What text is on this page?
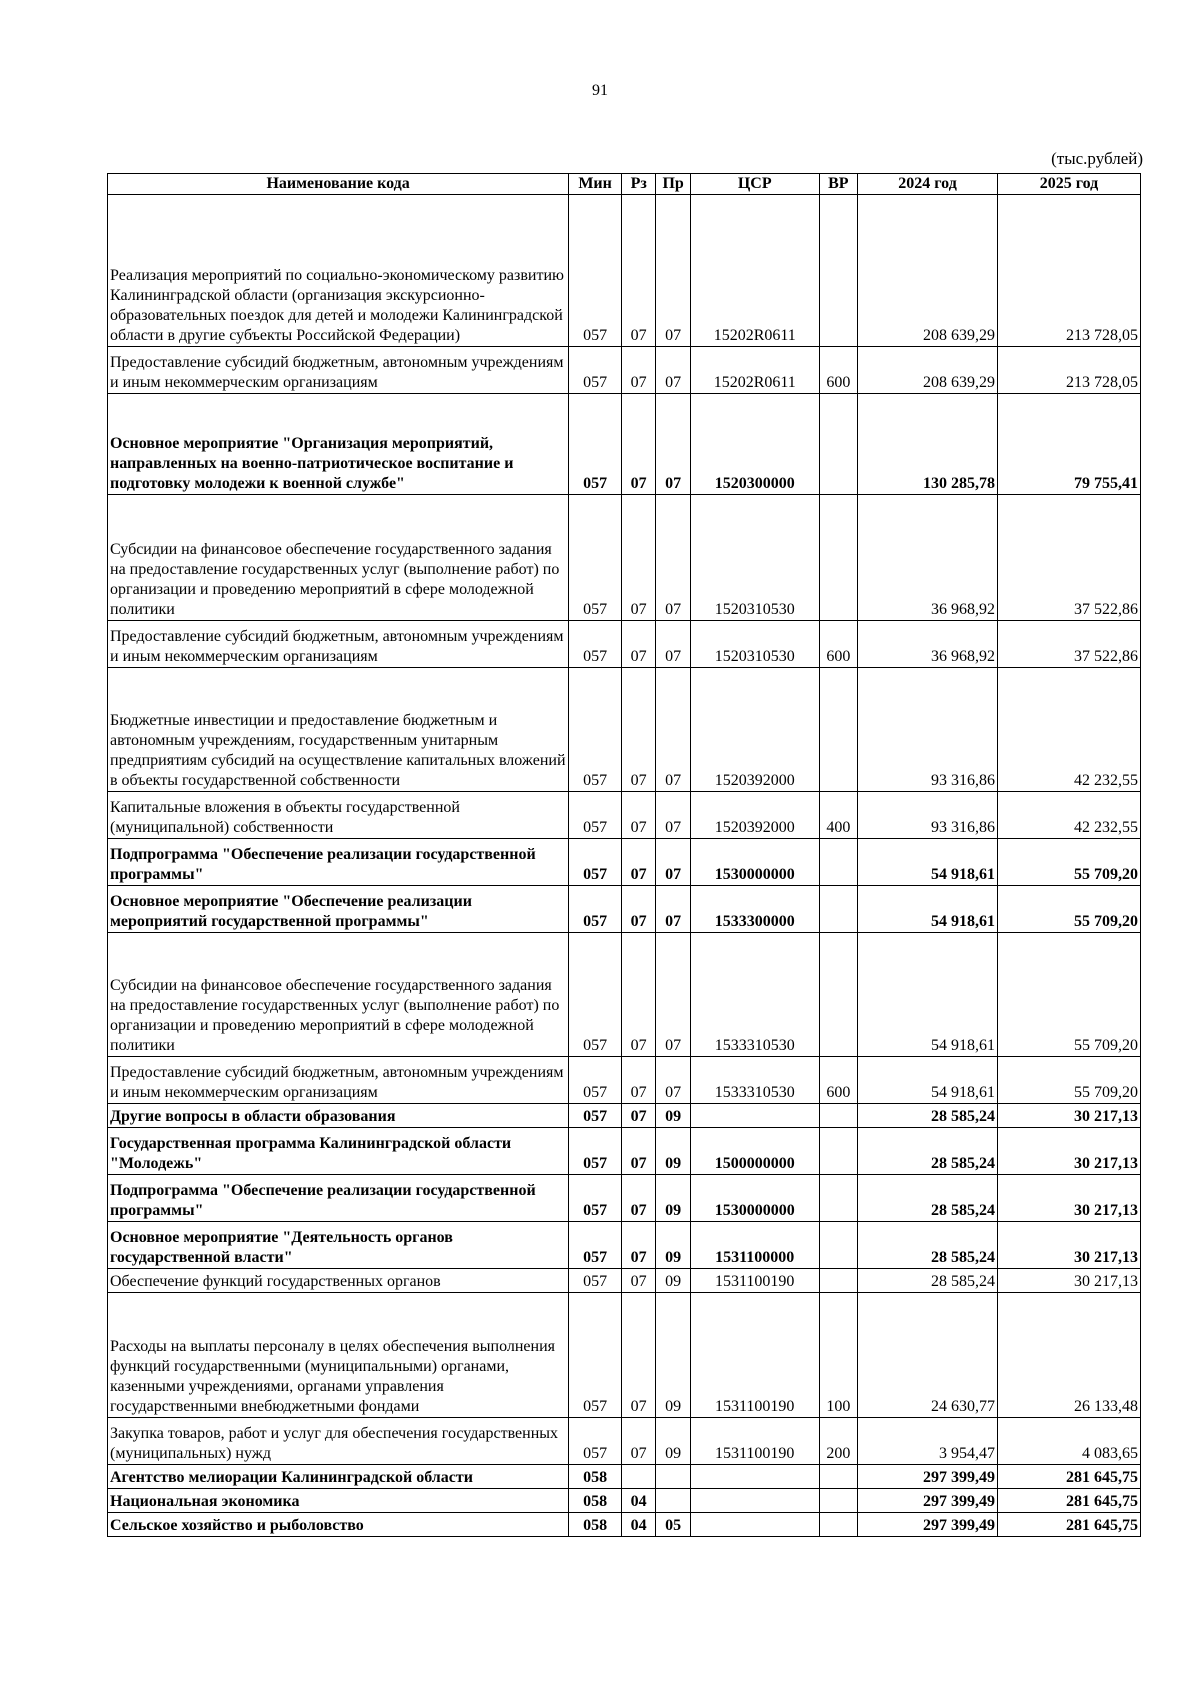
91
(тыс.рублей)
Наименование кода	Мин	Рз	Пр	ЦСР	ВР	2024 год	2025 год
Реализация мероприятий по социально-экономическому развитию Калининградской области (организация экскурсионно-образовательных поездок для детей и молодежи Калининградской области в другие субъекты Российской Федерации)	057	07	07	15202R0611		208 639,29	213 728,05
Предоставление субсидий бюджетным, автономным учреждениям и иным некоммерческим организациям	057	07	07	15202R0611	600	208 639,29	213 728,05
Основное мероприятие "Организация мероприятий, направленных на военно-патриотическое воспитание и подготовку молодежи к военной службе"	057	07	07	1520300000		130 285,78	79 755,41
Субсидии на финансовое обеспечение государственного задания на предоставление государственных услуг (выполнение работ) по организации и проведению мероприятий в сфере молодежной политики	057	07	07	1520310530		36 968,92	37 522,86
Предоставление субсидий бюджетным, автономным учреждениям и иным некоммерческим организациям	057	07	07	1520310530	600	36 968,92	37 522,86
Бюджетные инвестиции и предоставление бюджетным и автономным учреждениям, государственным унитарным предприятиям субсидий на осуществление капитальных вложений в объекты государственной собственности	057	07	07	1520392000		93 316,86	42 232,55
Капитальные вложения в объекты государственной (муниципальной) собственности	057	07	07	1520392000	400	93 316,86	42 232,55
Подпрограмма "Обеспечение реализации государственной программы"	057	07	07	1530000000		54 918,61	55 709,20
Основное мероприятие "Обеспечение реализации мероприятий государственной программы"	057	07	07	1533300000		54 918,61	55 709,20
Субсидии на финансовое обеспечение государственного задания на предоставление государственных услуг (выполнение работ) по организации и проведению мероприятий в сфере молодежной политики	057	07	07	1533310530		54 918,61	55 709,20
Предоставление субсидий бюджетным, автономным учреждениям и иным некоммерческим организациям	057	07	07	1533310530	600	54 918,61	55 709,20
Другие вопросы в области образования	057	07	09			28 585,24	30 217,13
Государственная программа Калининградской области "Молодежь"	057	07	09	1500000000		28 585,24	30 217,13
Подпрограмма "Обеспечение реализации государственной программы"	057	07	09	1530000000		28 585,24	30 217,13
Основное мероприятие "Деятельность органов государственной власти"	057	07	09	1531100000		28 585,24	30 217,13
Обеспечение функций государственных органов	057	07	09	1531100190		28 585,24	30 217,13
Расходы на выплаты персоналу в целях обеспечения выполнения функций государственными (муниципальными) органами, казенными учреждениями, органами управления государственными внебюджетными фондами	057	07	09	1531100190	100	24 630,77	26 133,48
Закупка товаров, работ и услуг для обеспечения государственных (муниципальных) нужд	057	07	09	1531100190	200	3 954,47	4 083,65
Агентство мелиорации Калининградской области	058					297 399,49	281 645,75
Национальная экономика	058	04				297 399,49	281 645,75
Сельское хозяйство и рыболовство	058	04	05			297 399,49	281 645,75
